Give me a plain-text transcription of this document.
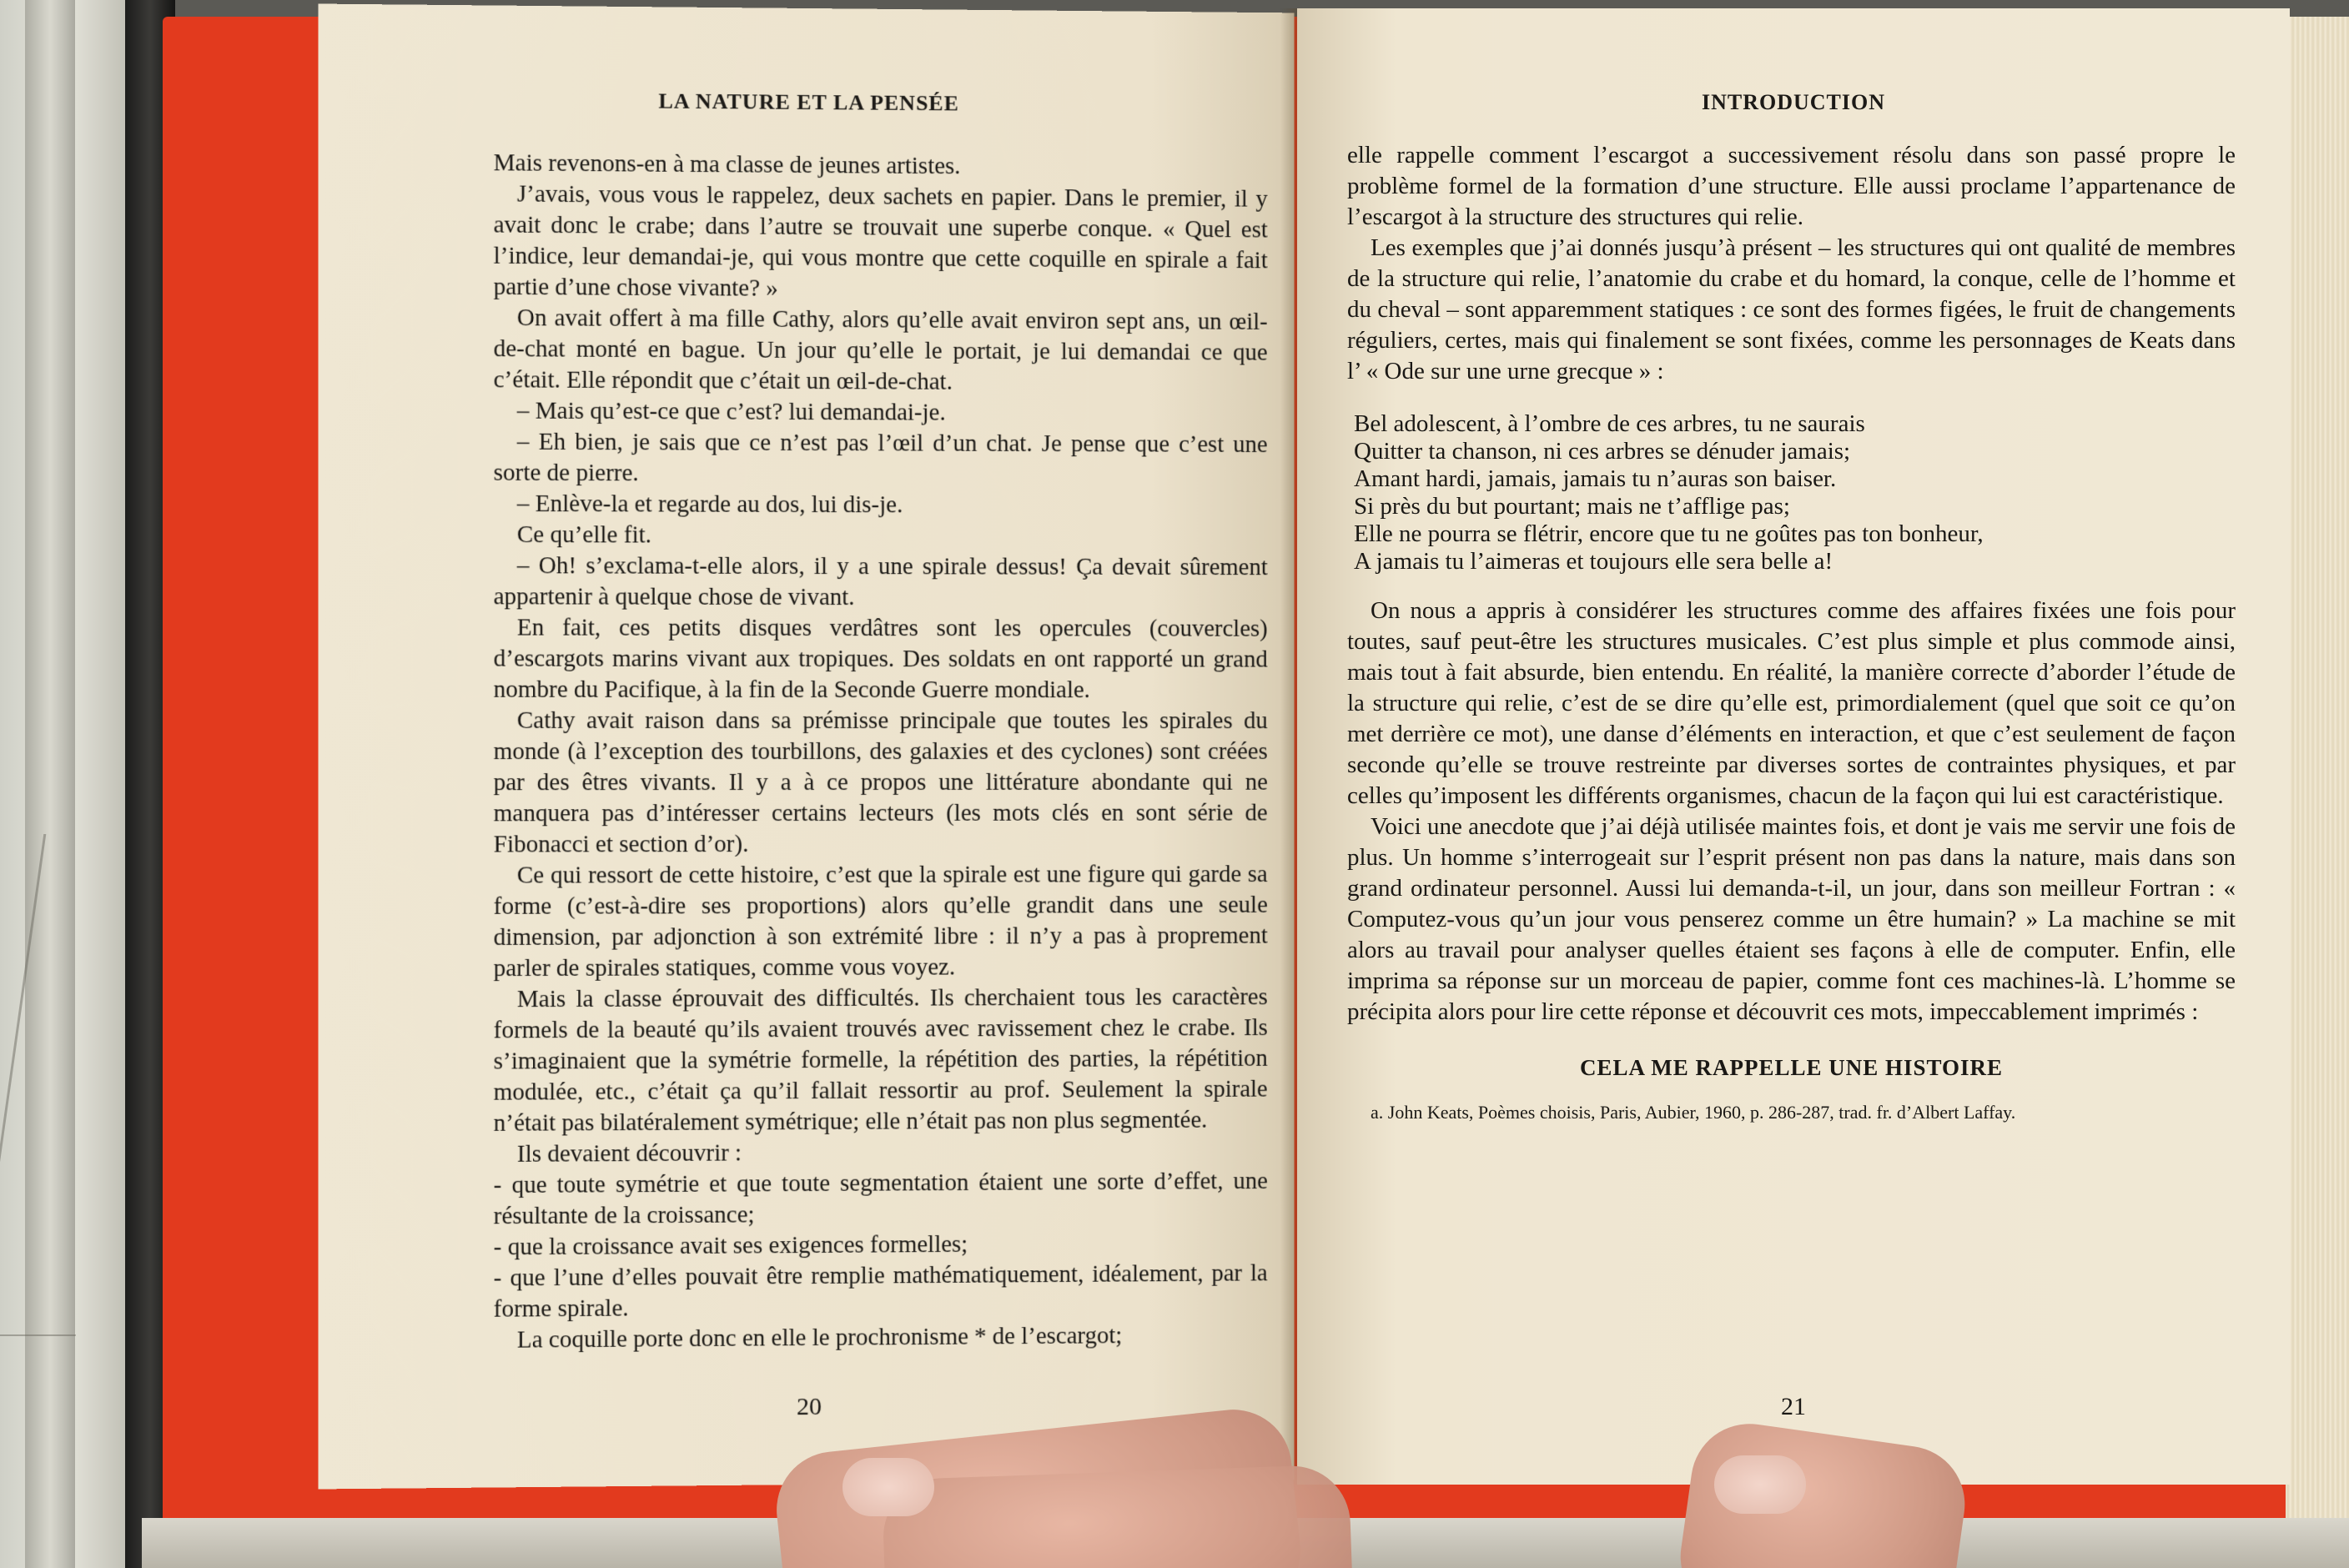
LA NATURE ET LA PENSÉE

Mais revenons-en à ma classe de jeunes artistes.

J’avais, vous vous le rappelez, deux sachets en papier. Dans le premier, il y avait donc le crabe; dans l’autre se trouvait une superbe conque. « Quel est l’indice, leur demandai-je, qui vous montre que cette coquille en spirale a fait partie d’une chose vivante? »

On avait offert à ma fille Cathy, alors qu’elle avait environ sept ans, un œil-de-chat monté en bague. Un jour qu’elle le portait, je lui demandai ce que c’était. Elle répondit que c’était un œil-de-chat.

– Mais qu’est-ce que c’est? lui demandai-je.

– Eh bien, je sais que ce n’est pas l’œil d’un chat. Je pense que c’est une sorte de pierre.

– Enlève-la et regarde au dos, lui dis-je.

Ce qu’elle fit.

– Oh! s’exclama-t-elle alors, il y a une spirale dessus! Ça devait sûrement appartenir à quelque chose de vivant.

En fait, ces petits disques verdâtres sont les opercules (couvercles) d’escargots marins vivant aux tropiques. Des soldats en ont rapporté un grand nombre du Pacifique, à la fin de la Seconde Guerre mondiale.

Cathy avait raison dans sa prémisse principale que toutes les spirales du monde (à l’exception des tourbillons, des galaxies et des cyclones) sont créées par des êtres vivants. Il y a à ce propos une littérature abondante qui ne manquera pas d’intéresser certains lecteurs (les mots clés en sont série de Fibonacci et section d’or).

Ce qui ressort de cette histoire, c’est que la spirale est une figure qui garde sa forme (c’est-à-dire ses proportions) alors qu’elle grandit dans une seule dimension, par adjonction à son extrémité libre : il n’y a pas à proprement parler de spirales statiques, comme vous voyez.

Mais la classe éprouvait des difficultés. Ils cherchaient tous les caractères formels de la beauté qu’ils avaient trouvés avec ravissement chez le crabe. Ils s’imaginaient que la symétrie formelle, la répétition des parties, la répétition modulée, etc., c’était ça qu’il fallait ressortir au prof. Seulement la spirale n’était pas bilatéralement symétrique; elle n’était pas non plus segmentée.

Ils devaient découvrir :

- que toute symétrie et que toute segmentation étaient une sorte d’effet, une résultante de la croissance;

- que la croissance avait ses exigences formelles;

- que l’une d’elles pouvait être remplie mathématiquement, idéalement, par la forme spirale.

La coquille porte donc en elle le prochronisme * de l’escargot;

20
INTRODUCTION

elle rappelle comment l’escargot a successivement résolu dans son passé propre le problème formel de la formation d’une structure. Elle aussi proclame l’appartenance de l’escargot à la structure des structures qui relie.

Les exemples que j’ai donnés jusqu’à présent – les structures qui ont qualité de membres de la structure qui relie, l’anatomie du crabe et du homard, la conque, celle de l’homme et du cheval – sont apparemment statiques : ce sont des formes figées, le fruit de changements réguliers, certes, mais qui finalement se sont fixées, comme les personnages de Keats dans l’ « Ode sur une urne grecque » :

Bel adolescent, à l’ombre de ces arbres, tu ne saurais
Quitter ta chanson, ni ces arbres se dénuder jamais;
Amant hardi, jamais, jamais tu n’auras son baiser.
Si près du but pourtant; mais ne t’afflige pas;
Elle ne pourra se flétrir, encore que tu ne goûtes pas ton bonheur,
A jamais tu l’aimeras et toujours elle sera belle a!

On nous a appris à considérer les structures comme des affaires fixées une fois pour toutes, sauf peut-être les structures musicales. C’est plus simple et plus commode ainsi, mais tout à fait absurde, bien entendu. En réalité, la manière correcte d’aborder l’étude de la structure qui relie, c’est de se dire qu’elle est, primordialement (quel que soit ce qu’on met derrière ce mot), une danse d’éléments en interaction, et que c’est seulement de façon seconde qu’elle se trouve restreinte par diverses sortes de contraintes physiques, et par celles qu’imposent les différents organismes, chacun de la façon qui lui est caractéristique.

Voici une anecdote que j’ai déjà utilisée maintes fois, et dont je vais me servir une fois de plus. Un homme s’interrogeait sur l’esprit présent non pas dans la nature, mais dans son grand ordinateur personnel. Aussi lui demanda-t-il, un jour, dans son meilleur Fortran : « Computez-vous qu’un jour vous penserez comme un être humain? » La machine se mit alors au travail pour analyser quelles étaient ses façons à elle de computer. Enfin, elle imprima sa réponse sur un morceau de papier, comme font ces machines-là. L’homme se précipita alors pour lire cette réponse et découvrit ces mots, impeccablement imprimés :

CELA ME RAPPELLE UNE HISTOIRE

a. John Keats, Poèmes choisis, Paris, Aubier, 1960, p. 286-287, trad. fr. d’Albert Laffay.

21
